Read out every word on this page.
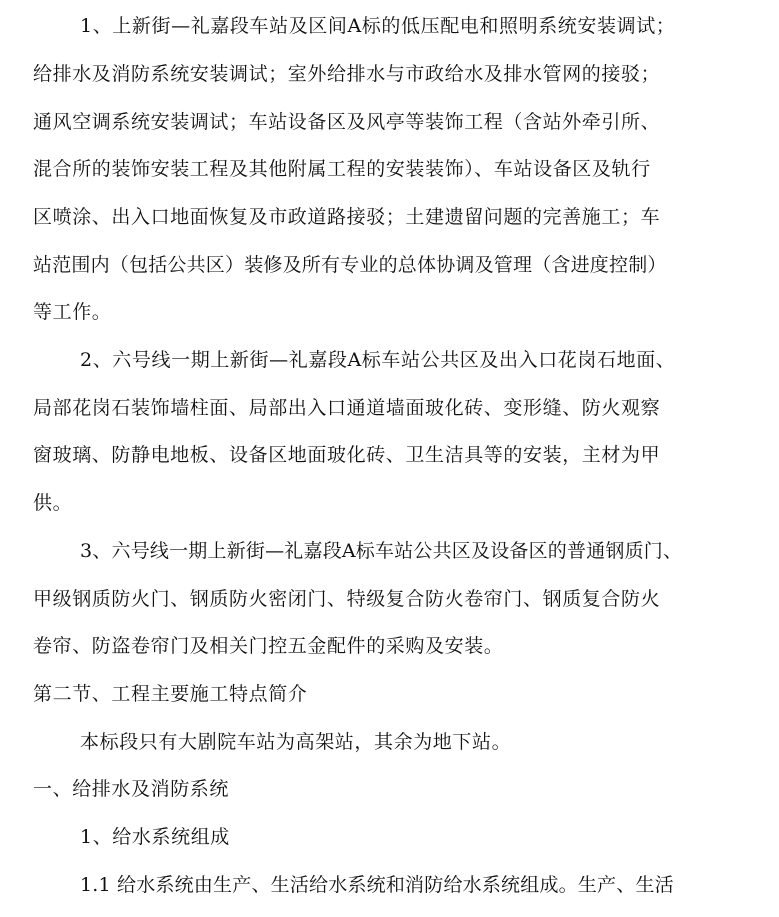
1、上新街—礼嘉段车站及区间A标的低压配电和照明系统安装调试；
给排水及消防系统安装调试；室外给排水与市政给水及排水管网的接驳；
通风空调系统安装调试；车站设备区及风亭等装饰工程（含站外牵引所、
混合所的装饰安装工程及其他附属工程的安装装饰）、车站设备区及轨行
区喷涂、出入口地面恢复及市政道路接驳；土建遗留问题的完善施工；车
站范围内（包括公共区）装修及所有专业的总体协调及管理（含进度控制）
等工作。
2、六号线一期上新街—礼嘉段A标车站公共区及出入口花岗石地面、
局部花岗石装饰墙柱面、局部出入口通道墙面玻化砖、变形缝、防火观察
窗玻璃、防静电地板、设备区地面玻化砖、卫生洁具等的安装，主材为甲
供。
3、六号线一期上新街—礼嘉段A标车站公共区及设备区的普通钢质门、
甲级钢质防火门、钢质防火密闭门、特级复合防火卷帘门、钢质复合防火
卷帘、防盗卷帘门及相关门控五金配件的采购及安装。
第二节、工程主要施工特点简介
本标段只有大剧院车站为高架站，其余为地下站。
一、给排水及消防系统
1、给水系统组成
1.1 给水系统由生产、生活给水系统和消防给水系统组成。生产、生活
